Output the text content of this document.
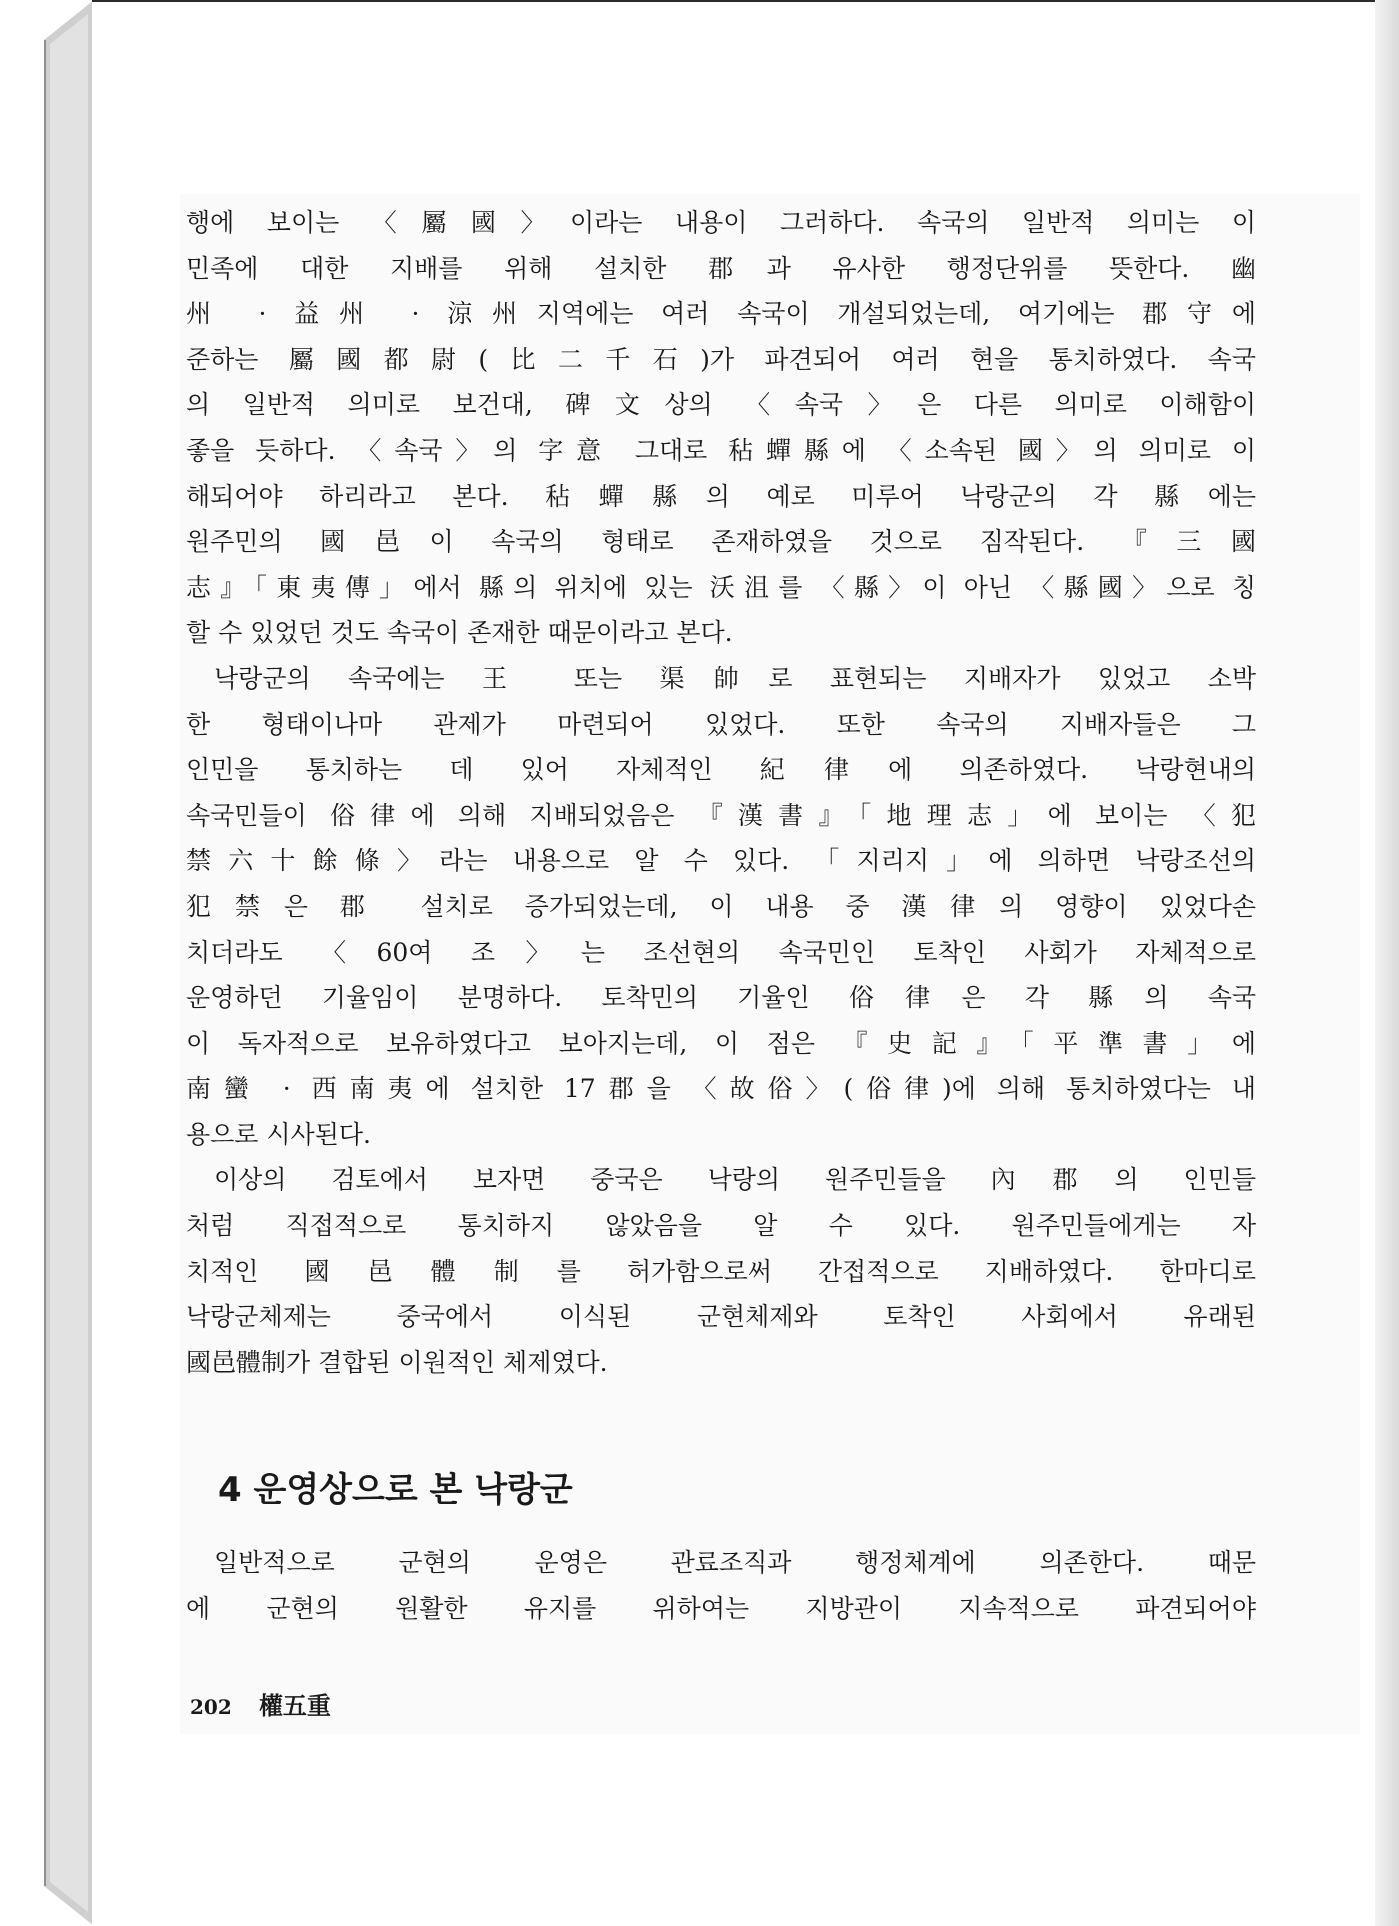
행에 보이는 〈屬國〉이라는 내용이 그러하다. 속국의 일반적 의미는 이
민족에 대한 지배를 위해 설치한 郡과 유사한 행정단위를 뜻한다. 幽
州 · 益州 · 涼州지역에는 여러 속국이 개설되었는데, 여기에는 郡守에
준하는 屬國都尉(比二千石)가 파견되어 여러 현을 통치하였다. 속국
의 일반적 의미로 보건대, 碑文상의 〈속국〉은 다른 의미로 이해함이
좋을 듯하다. 〈속국〉의 字意 그대로 秥蟬縣에 〈소속된 國〉의 의미로 이
해되어야 하리라고 본다. 秥蟬縣의 예로 미루어 낙랑군의 각 縣에는
원주민의 國邑이 속국의 형태로 존재하였을 것으로 짐작된다. 『三國
志』「東夷傳」에서 縣의 위치에 있는 沃沮를 〈縣〉이 아닌 〈縣國〉으로 칭
할 수 있었던 것도 속국이 존재한 때문이라고 본다.

낙랑군의 속국에는 王 또는 渠帥로 표현되는 지배자가 있었고 소박
한 형태이나마 관제가 마련되어 있었다. 또한 속국의 지배자들은 그
인민을 통치하는 데 있어 자체적인 紀律에 의존하였다. 낙랑현내의
속국민들이 俗律에 의해 지배되었음은 『漢書』「地理志」에 보이는 〈犯
禁六十餘條〉라는 내용으로 알 수 있다. 「지리지」에 의하면 낙랑조선의
犯禁은 郡 설치로 증가되었는데, 이 내용 중 漢律의 영향이 있었다손
치더라도 〈60여 조〉는 조선현의 속국민인 토착인 사회가 자체적으로
운영하던 기율임이 분명하다. 토착민의 기율인 俗律은 각 縣의 속국
이 독자적으로 보유하였다고 보아지는데, 이 점은 『史記』「平準書」에
南蠻 · 西南夷에 설치한 17郡을 〈故俗〉(俗律)에 의해 통치하였다는 내
용으로 시사된다.

이상의 검토에서 보자면 중국은 낙랑의 원주민들을 內郡의 인민들
처럼 직접적으로 통치하지 않았음을 알 수 있다. 원주민들에게는 자
치적인 國邑體制를 허가함으로써 간접적으로 지배하였다. 한마디로
낙랑군체제는 중국에서 이식된 군현체제와 토착인 사회에서 유래된
國邑體制가 결합된 이원적인 체제였다.

4 운영상으로 본 낙랑군

일반적으로 군현의 운영은 관료조직과 행정체계에 의존한다. 때문
에 군현의 원활한 유지를 위하여는 지방관이 지속적으로 파견되어야

202 權五重
